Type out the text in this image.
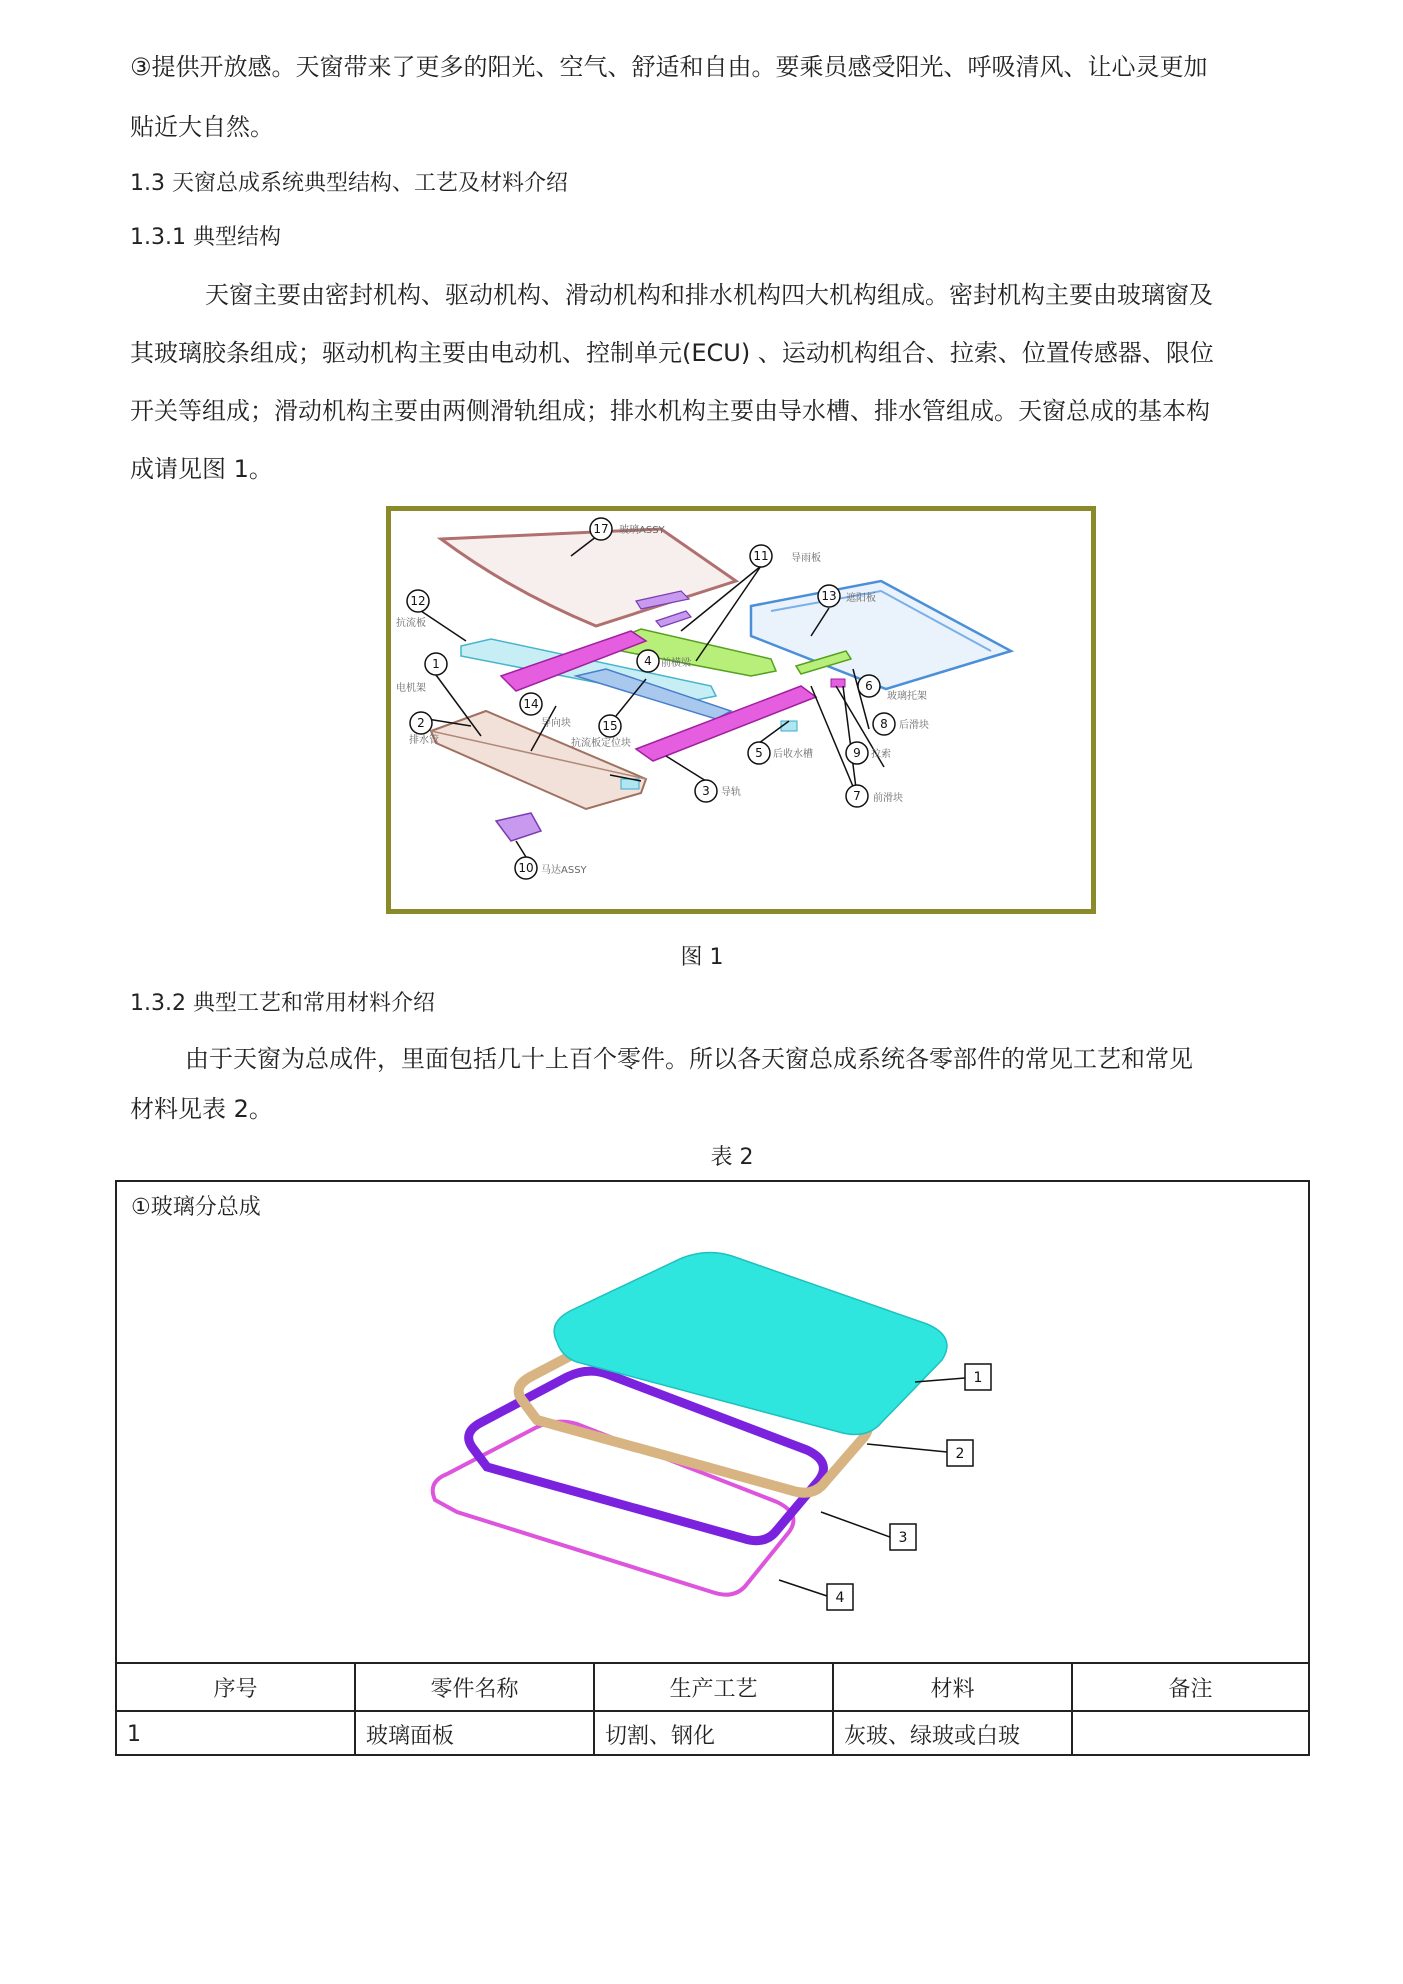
③提供开放感。天窗带来了更多的阳光、空气、舒适和自由。要乘员感受阳光、呼吸清风、让心灵更加

贴近大自然。

1.3 天窗总成系统典型结构、工艺及材料介绍

1.3.1 典型结构

天窗主要由密封机构、驱动机构、滑动机构和排水机构四大机构组成。密封机构主要由玻璃窗及

其玻璃胶条组成；驱动机构主要由电动机、控制单元(ECU) 、运动机构组合、拉索、位置传感器、限位

开关等组成；滑动机构主要由两侧滑轨组成；排水机构主要由导水槽、排水管组成。天窗总成的基本构

成请见图 1。

17
11
13
12
1	4
2
14
15
6
8
9
5
7
3
10
玻璃ASSY
导雨板
遮阳板
抗流板
前横梁
电机架
排水管
导向块
抗流板定位块
玻璃托架
后滑块
后收水槽	拉索
前滑块
导轨
马达ASSY
图 1

1.3.2 典型工艺和常用材料介绍

由于天窗为总成件，里面包括几十上百个零件。所以各天窗总成系统各零部件的常见工艺和常见

材料见表 2。

表 2
①玻璃分总成
1
2
3
4
序号	零件名称	生产工艺	材料	备注
1	玻璃面板	切割、钢化	灰玻、绿玻或白玻
